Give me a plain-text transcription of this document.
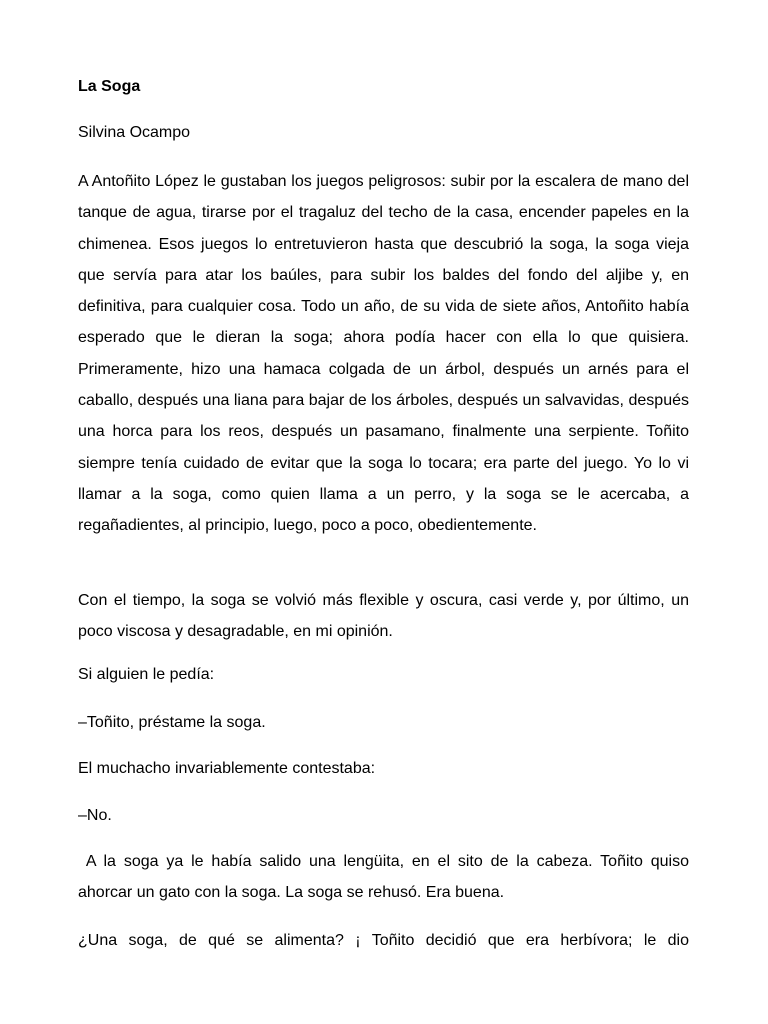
La Soga

Silvina Ocampo

A Antoñito López le gustaban los juegos peligrosos: subir por la escalera de mano del tanque de agua, tirarse por el tragaluz del techo de la casa, encender papeles en la chimenea. Esos juegos lo entretuvieron hasta que descubrió la soga, la soga vieja que servía para atar los baúles, para subir los baldes del fondo del aljibe y, en definitiva, para cualquier cosa. Todo un año, de su vida de siete años, Antoñito había esperado que le dieran la soga; ahora podía hacer con ella lo que quisiera. Primeramente, hizo una hamaca colgada de un árbol, después un arnés para el caballo, después una liana para bajar de los árboles, después un salvavidas, después una horca para los reos, después un pasamano, finalmente una serpiente. Toñito siempre tenía cuidado de evitar que la soga lo tocara; era parte del juego. Yo lo vi llamar a la soga, como quien llama a un perro, y la soga se le acercaba, a regañadientes, al principio, luego, poco a poco, obedientemente.

Con el tiempo, la soga se volvió más flexible y oscura, casi verde y, por último, un poco viscosa y desagradable, en mi opinión.

Si alguien le pedía:

–Toñito, préstame la soga.

El muchacho invariablemente contestaba:

–No.

A la soga ya le había salido una lengüita, en el sito de la cabeza. Toñito quiso ahorcar un gato con la soga. La soga se rehusó. Era buena.

¿Una soga, de qué se alimenta? ¡ Toñito decidió que era herbívora; le dio
